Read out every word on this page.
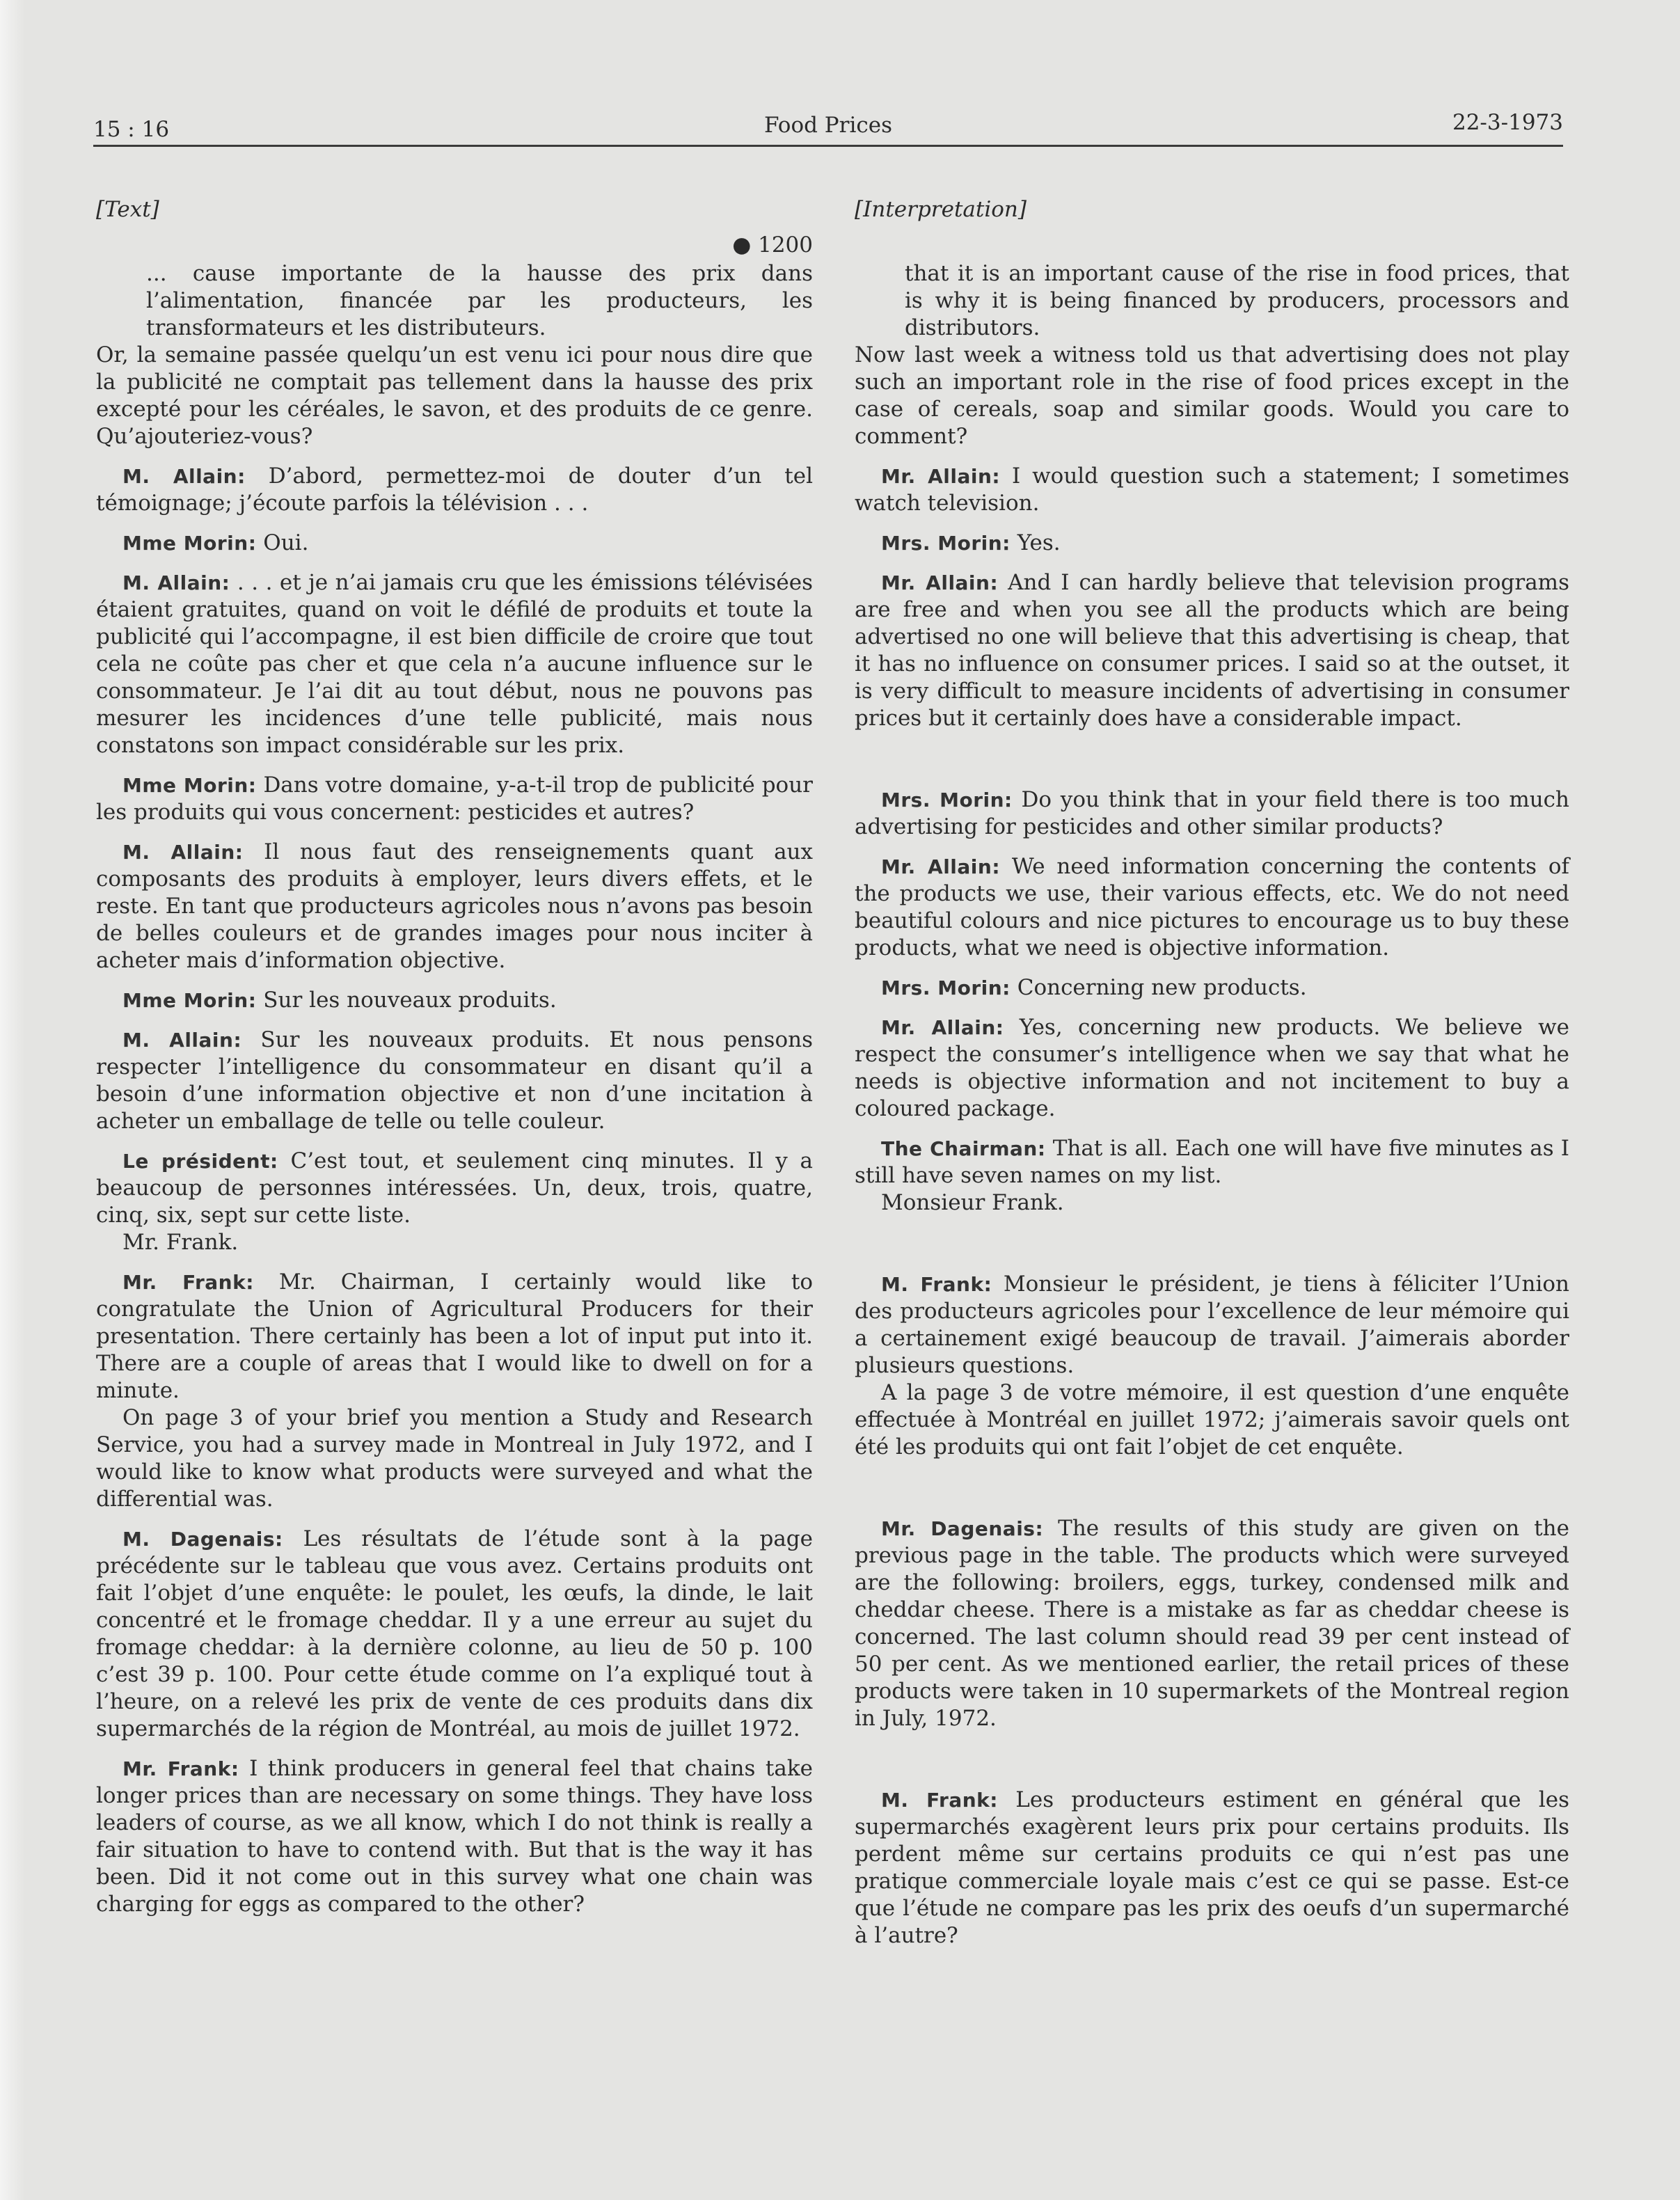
15 : 16	Food Prices	22-3-1973
[Text]
● 1200

... cause importante de la hausse des prix dans l’alimentation, financée par les producteurs, les transformateurs et les distributeurs.

Or, la semaine passée quelqu’un est venu ici pour nous dire que la publicité ne comptait pas tellement dans la hausse des prix excepté pour les céréales, le savon, et des produits de ce genre. Qu’ajouteriez-vous?

M. Allain: D’abord, permettez-moi de douter d’un tel témoignage; j’écoute parfois la télévision . . .

Mme Morin: Oui.

M. Allain: . . . et je n’ai jamais cru que les émissions télévisées étaient gratuites, quand on voit le défilé de produits et toute la publicité qui l’accompagne, il est bien difficile de croire que tout cela ne coûte pas cher et que cela n’a aucune influence sur le consommateur. Je l’ai dit au tout début, nous ne pouvons pas mesurer les incidences d’une telle publicité, mais nous constatons son impact considérable sur les prix.

Mme Morin: Dans votre domaine, y-a-t-il trop de publicité pour les produits qui vous concernent: pesticides et autres?

M. Allain: Il nous faut des renseignements quant aux composants des produits à employer, leurs divers effets, et le reste. En tant que producteurs agricoles nous n’avons pas besoin de belles couleurs et de grandes images pour nous inciter à acheter mais d’information objective.

Mme Morin: Sur les nouveaux produits.

M. Allain: Sur les nouveaux produits. Et nous pensons respecter l’intelligence du consommateur en disant qu’il a besoin d’une information objective et non d’une incitation à acheter un emballage de telle ou telle couleur.

Le président: C’est tout, et seulement cinq minutes. Il y a beaucoup de personnes intéressées. Un, deux, trois, quatre, cinq, six, sept sur cette liste.

Mr. Frank.

Mr. Frank: Mr. Chairman, I certainly would like to congratulate the Union of Agricultural Producers for their presentation. There certainly has been a lot of input put into it. There are a couple of areas that I would like to dwell on for a minute.

On page 3 of your brief you mention a Study and Research Service, you had a survey made in Montreal in July 1972, and I would like to know what products were surveyed and what the differential was.

M. Dagenais: Les résultats de l’étude sont à la page précédente sur le tableau que vous avez. Certains produits ont fait l’objet d’une enquête: le poulet, les œufs, la dinde, le lait concentré et le fromage cheddar. Il y a une erreur au sujet du fromage cheddar: à la dernière colonne, au lieu de 50 p. 100 c’est 39 p. 100. Pour cette étude comme on l’a expliqué tout à l’heure, on a relevé les prix de vente de ces produits dans dix supermarchés de la région de Montréal, au mois de juillet 1972.

Mr. Frank: I think producers in general feel that chains take longer prices than are necessary on some things. They have loss leaders of course, as we all know, which I do not think is really a fair situation to have to contend with. But that is the way it has been. Did it not come out in this survey what one chain was charging for eggs as compared to the other?

[Interpretation]

that it is an important cause of the rise in food prices, that is why it is being financed by producers, processors and distributors.

Now last week a witness told us that advertising does not play such an important role in the rise of food prices except in the case of cereals, soap and similar goods. Would you care to comment?

Mr. Allain: I would question such a statement; I sometimes watch television.

Mrs. Morin: Yes.

Mr. Allain: And I can hardly believe that television programs are free and when you see all the products which are being advertised no one will believe that this advertising is cheap, that it has no influence on consumer prices. I said so at the outset, it is very difficult to measure incidents of advertising in consumer prices but it certainly does have a considerable impact.

Mrs. Morin: Do you think that in your field there is too much advertising for pesticides and other similar products?

Mr. Allain: We need information concerning the contents of the products we use, their various effects, etc. We do not need beautiful colours and nice pictures to encourage us to buy these products, what we need is objective information.

Mrs. Morin: Concerning new products.

Mr. Allain: Yes, concerning new products. We believe we respect the consumer’s intelligence when we say that what he needs is objective information and not incitement to buy a coloured package.

The Chairman: That is all. Each one will have five minutes as I still have seven names on my list.

Monsieur Frank.

M. Frank: Monsieur le président, je tiens à féliciter l’Union des producteurs agricoles pour l’excellence de leur mémoire qui a certainement exigé beaucoup de travail. J’aimerais aborder plusieurs questions.

A la page 3 de votre mémoire, il est question d’une enquête effectuée à Montréal en juillet 1972; j’aimerais savoir quels ont été les produits qui ont fait l’objet de cet enquête.

Mr. Dagenais: The results of this study are given on the previous page in the table. The products which were surveyed are the following: broilers, eggs, turkey, condensed milk and cheddar cheese. There is a mistake as far as cheddar cheese is concerned. The last column should read 39 per cent instead of 50 per cent. As we mentioned earlier, the retail prices of these products were taken in 10 supermarkets of the Montreal region in July, 1972.

M. Frank: Les producteurs estiment en général que les supermarchés exagèrent leurs prix pour certains produits. Ils perdent même sur certains produits ce qui n’est pas une pratique commerciale loyale mais c’est ce qui se passe. Est-ce que l’étude ne compare pas les prix des oeufs d’un supermarché à l’autre?
